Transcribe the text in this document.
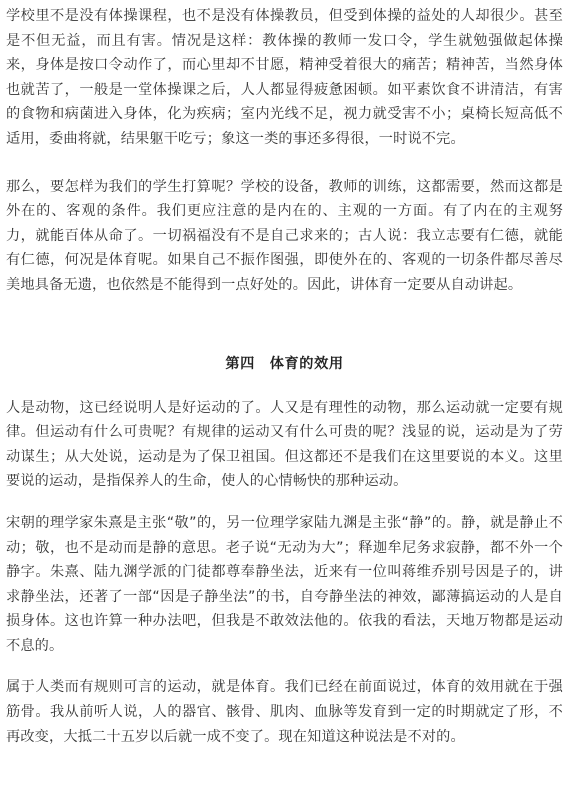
学校里不是没有体操课程，也不是没有体操教员，但受到体操的益处的人却很少。甚至是不但无益，而且有害。情况是这样：教体操的教师一发口令，学生就勉强做起体操来，身体是按口令动作了，而心里却不甘愿，精神受着很大的痛苦；精神苦，当然身体也就苦了，一般是一堂体操课之后，人人都显得疲惫困顿。如平素饮食不讲清洁，有害的食物和病菌进入身体，化为疾病；室内光线不足，视力就受害不小；桌椅长短高低不适用，委曲将就，结果躯干吃亏；象这一类的事还多得很，一时说不完。

那么，要怎样为我们的学生打算呢？学校的设备，教师的训练，这都需要，然而这都是外在的、客观的条件。我们更应注意的是内在的、主观的一方面。有了内在的主观努力，就能百体从命了。一切祸福没有不是自己求来的；古人说：我立志要有仁德，就能有仁德，何况是体育呢。如果自己不振作图强，即使外在的、客观的一切条件都尽善尽美地具备无遗，也依然是不能得到一点好处的。因此，讲体育一定要从自动讲起。

第四　体育的效用

人是动物，这已经说明人是好运动的了。人又是有理性的动物，那么运动就一定要有规律。但运动有什么可贵呢？有规律的运动又有什么可贵的呢？浅显的说，运动是为了劳动谋生；从大处说，运动是为了保卫祖国。但这都还不是我们在这里要说的本义。这里要说的运动，是指保养人的生命，使人的心情畅快的那种运动。

宋朝的理学家朱熹是主张“敬”的，另一位理学家陆九渊是主张“静”的。静，就是静止不动；敬，也不是动而是静的意思。老子说“无动为大”；释迦牟尼务求寂静，都不外一个静字。朱熹、陆九渊学派的门徒都尊奉静坐法，近来有一位叫蒋维乔别号因是子的，讲求静坐法，还著了一部“因是子静坐法”的书，自夸静坐法的神效，鄙薄搞运动的人是自损身体。这也许算一种办法吧，但我是不敢效法他的。依我的看法，天地万物都是运动不息的。

属于人类而有规则可言的运动，就是体育。我们已经在前面说过，体育的效用就在于强筋骨。我从前听人说，人的器官、骸骨、肌肉、血脉等发育到一定的时期就定了形，不再改变，大抵二十五岁以后就一成不变了。现在知道这种说法是不对的。
